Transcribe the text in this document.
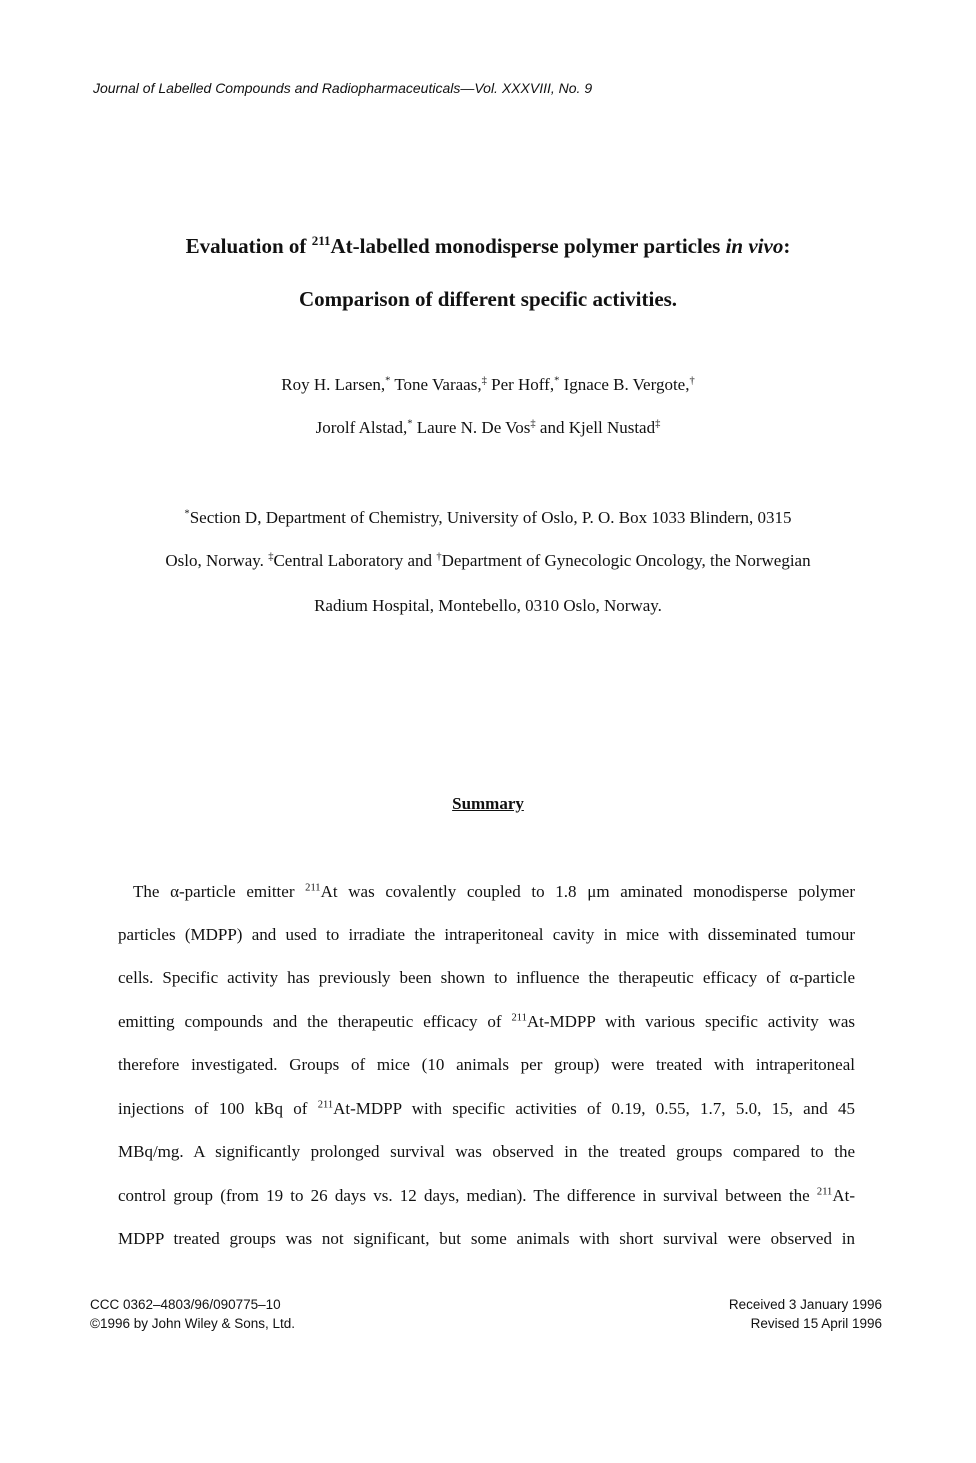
Journal of Labelled Compounds and Radiopharmaceuticals—Vol. XXXVIII, No. 9
Evaluation of $^{211}$At-labelled monodisperse polymer particles in vivo:
Comparison of different specific activities.
Roy H. Larsen,* Tone Varaas,‡ Per Hoff,* Ignace B. Vergote,†
Jorolf Alstad,* Laure N. De Vos‡ and Kjell Nustad‡
*Section D, Department of Chemistry, University of Oslo, P. O. Box 1033 Blindern, 0315
Oslo, Norway. ‡Central Laboratory and †Department of Gynecologic Oncology, the Norwegian
Radium Hospital, Montebello, 0310 Oslo, Norway.
Summary
The α-particle emitter $^{211}$At was covalently coupled to 1.8 μm aminated monodisperse polymer
particles (MDPP) and used to irradiate the intraperitoneal cavity in mice with disseminated tumour
cells. Specific activity has previously been shown to influence the therapeutic efficacy of α-particle
emitting compounds and the therapeutic efficacy of $^{211}$At-MDPP with various specific activity was
therefore investigated. Groups of mice (10 animals per group) were treated with intraperitoneal
injections of 100 kBq of $^{211}$At-MDPP with specific activities of 0.19, 0.55, 1.7, 5.0, 15, and 45
MBq/mg. A significantly prolonged survival was observed in the treated groups compared to the
control group (from 19 to 26 days vs. 12 days, median). The difference in survival between the $^{211}$At-
MDPP treated groups was not significant, but some animals with short survival were observed in
CCC 0362–4803/96/090775–10
©1996 by John Wiley & Sons, Ltd.
Received 3 January 1996
Revised 15 April 1996
